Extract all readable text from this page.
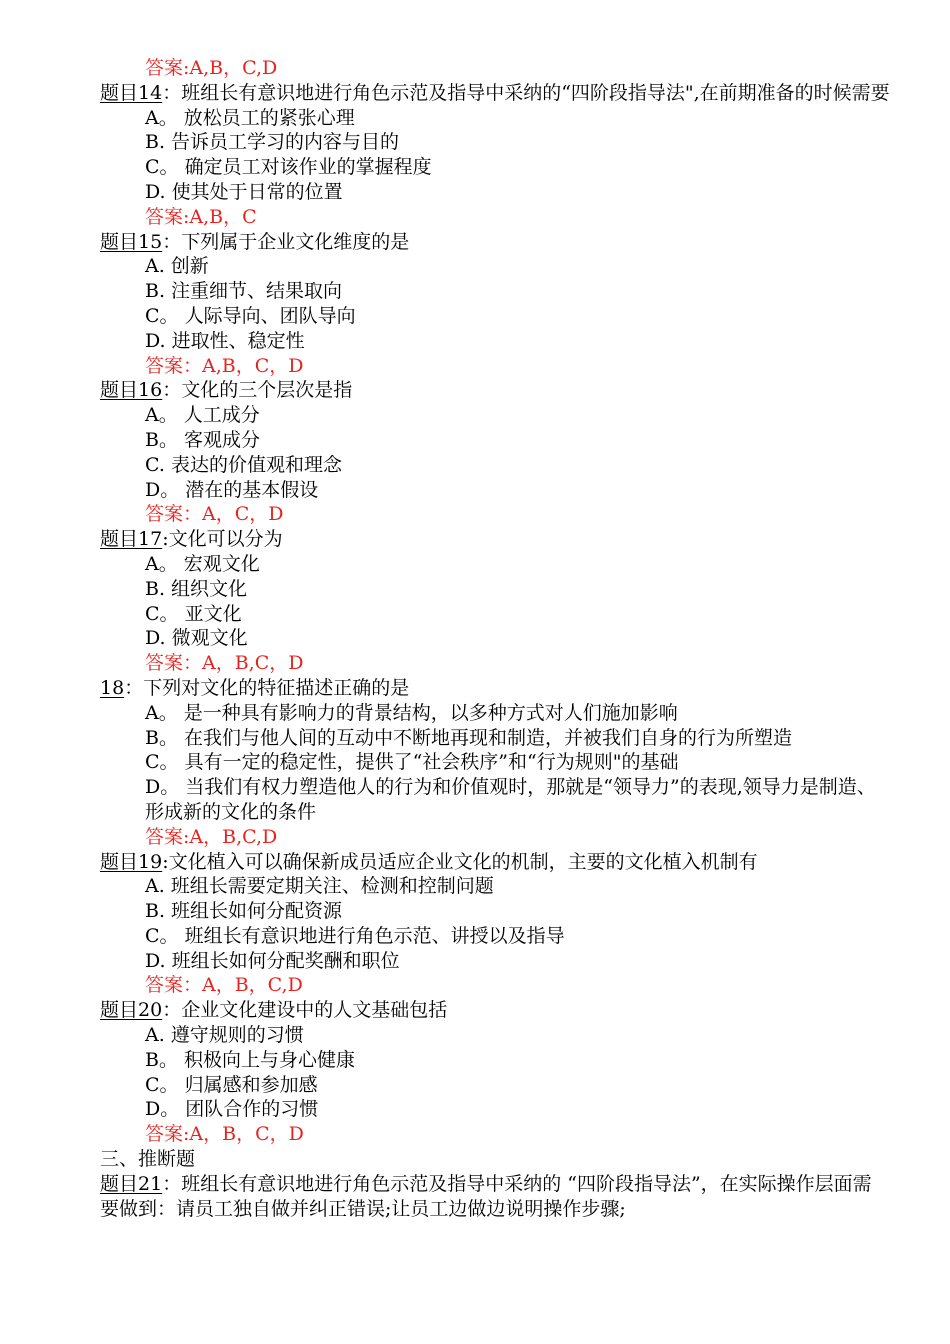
答案:A,B，C,D
题目14：班组长有意识地进行角色示范及指导中采纳的“四阶段指导法",在前期准备的时候需要
A。 放松员工的紧张心理
B. 告诉员工学习的内容与目的
C。 确定员工对该作业的掌握程度
D. 使其处于日常的位置
答案:A,B，C
题目15：下列属于企业文化维度的是
A. 创新
B. 注重细节、结果取向
C。 人际导向、团队导向
D. 进取性、稳定性
答案：A,B，C，D
题目16：文化的三个层次是指
A。 人工成分
B。 客观成分
C. 表达的价值观和理念
D。 潜在的基本假设
答案：A，C，D
题目17:文化可以分为
A。 宏观文化
B. 组织文化
C。 亚文化
D. 微观文化
答案：A，B,C，D
18：下列对文化的特征描述正确的是
A。 是一种具有影响力的背景结构，以多种方式对人们施加影响
B。 在我们与他人间的互动中不断地再现和制造，并被我们自身的行为所塑造
C。 具有一定的稳定性，提供了“社会秩序”和“行为规则"的基础
D。 当我们有权力塑造他人的行为和价值观时，那就是“领导力”的表现,领导力是制造、形成新的文化的条件
答案:A，B,C,D
题目19:文化植入可以确保新成员适应企业文化的机制，主要的文化植入机制有
A. 班组长需要定期关注、检测和控制问题
B. 班组长如何分配资源
C。 班组长有意识地进行角色示范、讲授以及指导
D. 班组长如何分配奖酬和职位
答案：A，B，C,D
题目20：企业文化建设中的人文基础包括
A. 遵守规则的习惯
B。 积极向上与身心健康
C。 归属感和参加感
D。 团队合作的习惯
答案:A，B，C，D
三、推断题
题目21：班组长有意识地进行角色示范及指导中采纳的 “四阶段指导法”，在实际操作层面需要做到：请员工独自做并纠正错误;让员工边做边说明操作步骤;
